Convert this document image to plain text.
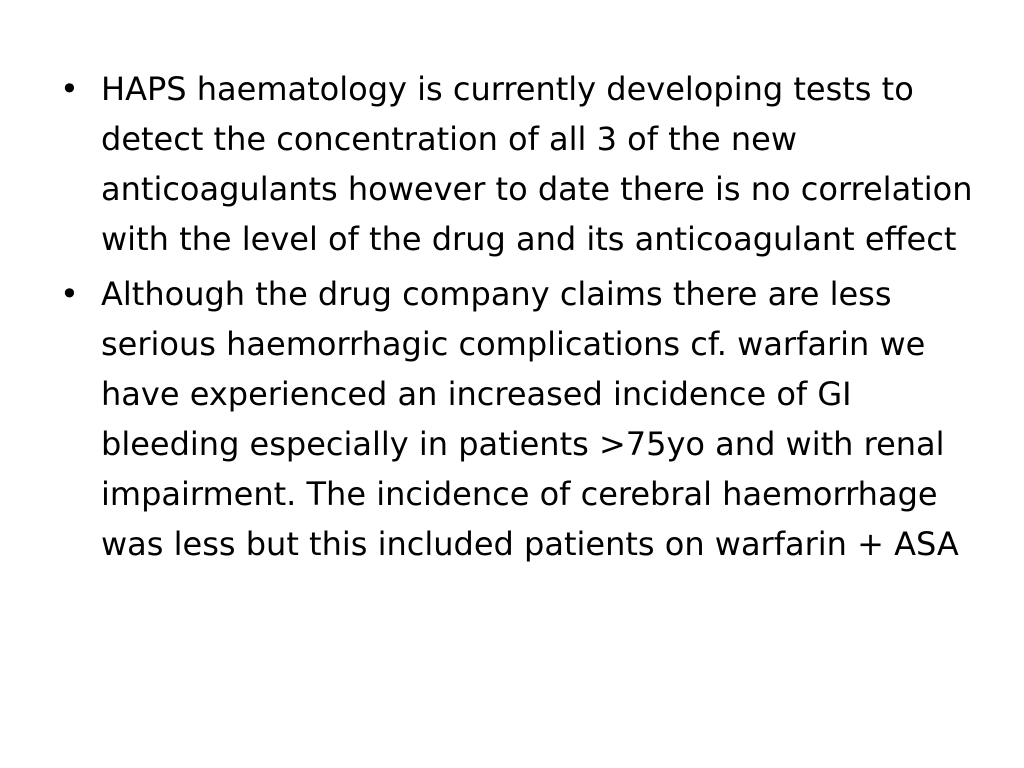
• HAPS haematology is currently developing tests to detect the concentration of all 3 of the new anticoagulants however to date there is no correlation with the level of the drug and its anticoagulant effect
• Although the drug company claims there are less serious haemorrhagic complications cf. warfarin we have experienced an increased incidence of GI bleeding especially in patients >75yo and with renal impairment. The incidence of cerebral haemorrhage was less but this included patients on warfarin + ASA
